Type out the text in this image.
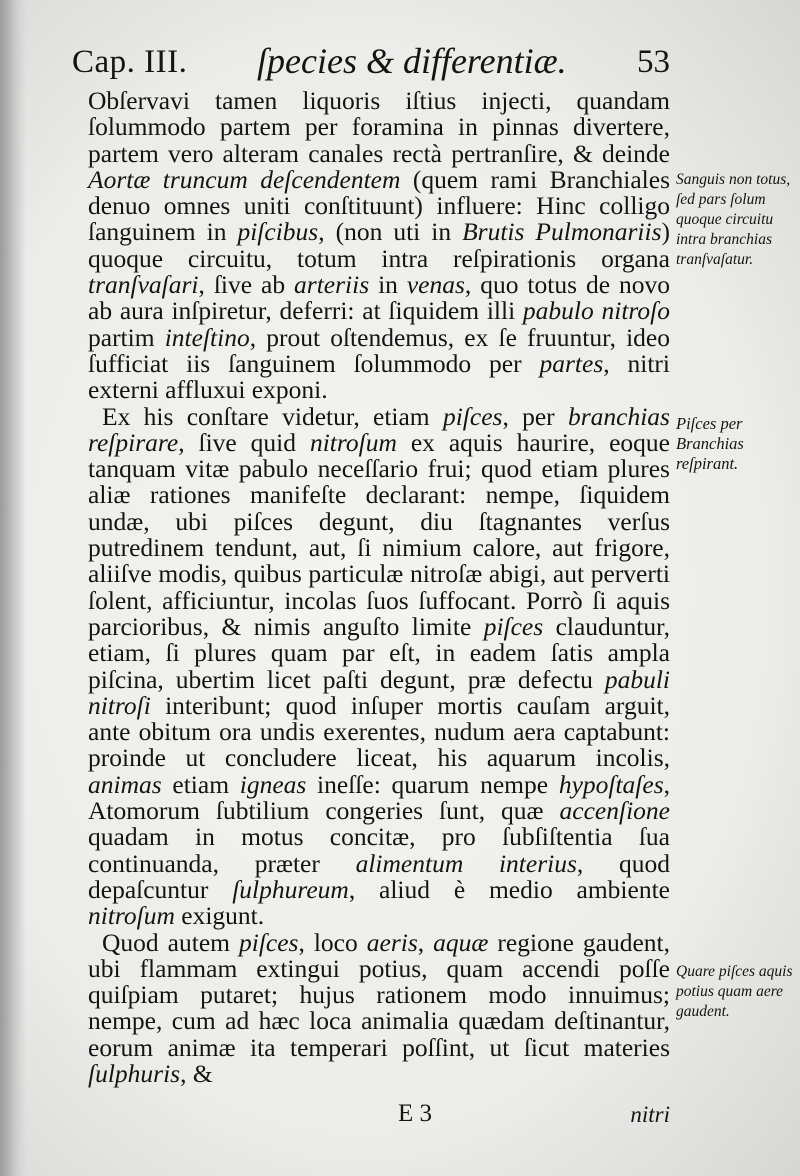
Cap. III. ſpecies & differentiæ. 53

Obſervavi tamen liquoris iſtius injecti, quandam ſolummodo partem per foramina in pinnas divertere, partem vero alteram canales rectà pertranſire, & deinde Aortæ truncum deſcendentem (quem rami Branchiales denuo omnes uniti conſtituunt) influere: Hinc colligo ſanguinem in piſcibus, (non uti in Brutis Pulmonariis) quoque circuitu, totum intra reſpirationis organa tranſvaſari, ſive ab arteriis in venas, quo totus de novo ab aura inſpiretur, deferri: at ſiquidem illi pabulo nitroſo partim inteſtino, prout oſtendemus, ex ſe fruuntur, ideo ſufficiat iis ſanguinem ſolummodo per partes, nitri externi affluxui exponi.

Ex his conſtare videtur, etiam piſces, per branchias reſpirare, ſive quid nitroſum ex aquis haurire, eoque tanquam vitæ pabulo neceſſario frui; quod etiam plures aliæ rationes manifeſte declarant: nempe, ſiquidem undæ, ubi piſces degunt, diu ſtagnantes verſus putredinem tendunt, aut, ſi nimium calore, aut frigore, aliiſve modis, quibus particulæ nitroſæ abigi, aut perverti ſolent, afficiuntur, incolas ſuos ſuffocant. Porrò ſi aquis parcioribus, & nimis anguſto limite piſces clauduntur, etiam, ſi plures quam par eſt, in eadem ſatis ampla piſcina, ubertim licet paſti degunt, præ defectu pabuli nitroſi interibunt; quod inſuper mortis cauſam arguit, ante obitum ora undis exerentes, nudum aera captabunt: proinde ut concludere liceat, his aquarum incolis, animas etiam igneas ineſſe: quarum nempe hypoſtaſes, Atomorum ſubtilium congeries ſunt, quæ accenſione quadam in motus concitæ, pro ſubſiſtentia ſua continuanda, præter alimentum interius, quod depaſcuntur ſulphureum, aliud è medio ambiente nitroſum exigunt.

Quod autem piſces, loco aeris, aquæ regione gaudent, ubi flammam extingui potius, quam accendi poſſe quiſpiam putaret; hujus rationem modo innuimus; nempe, cum ad hæc loca animalia quædam deſtinantur, eorum animæ ita temperari poſſint, ut ſicut materies ſulphuris, &

Sanguis non totus, ſed pars ſolum quoque circuitu intra branchias tranſvaſatur.
Piſces per Branchias reſpirant.
Quare piſces aquis potius quam aere gaudent.
E 3	nitri
